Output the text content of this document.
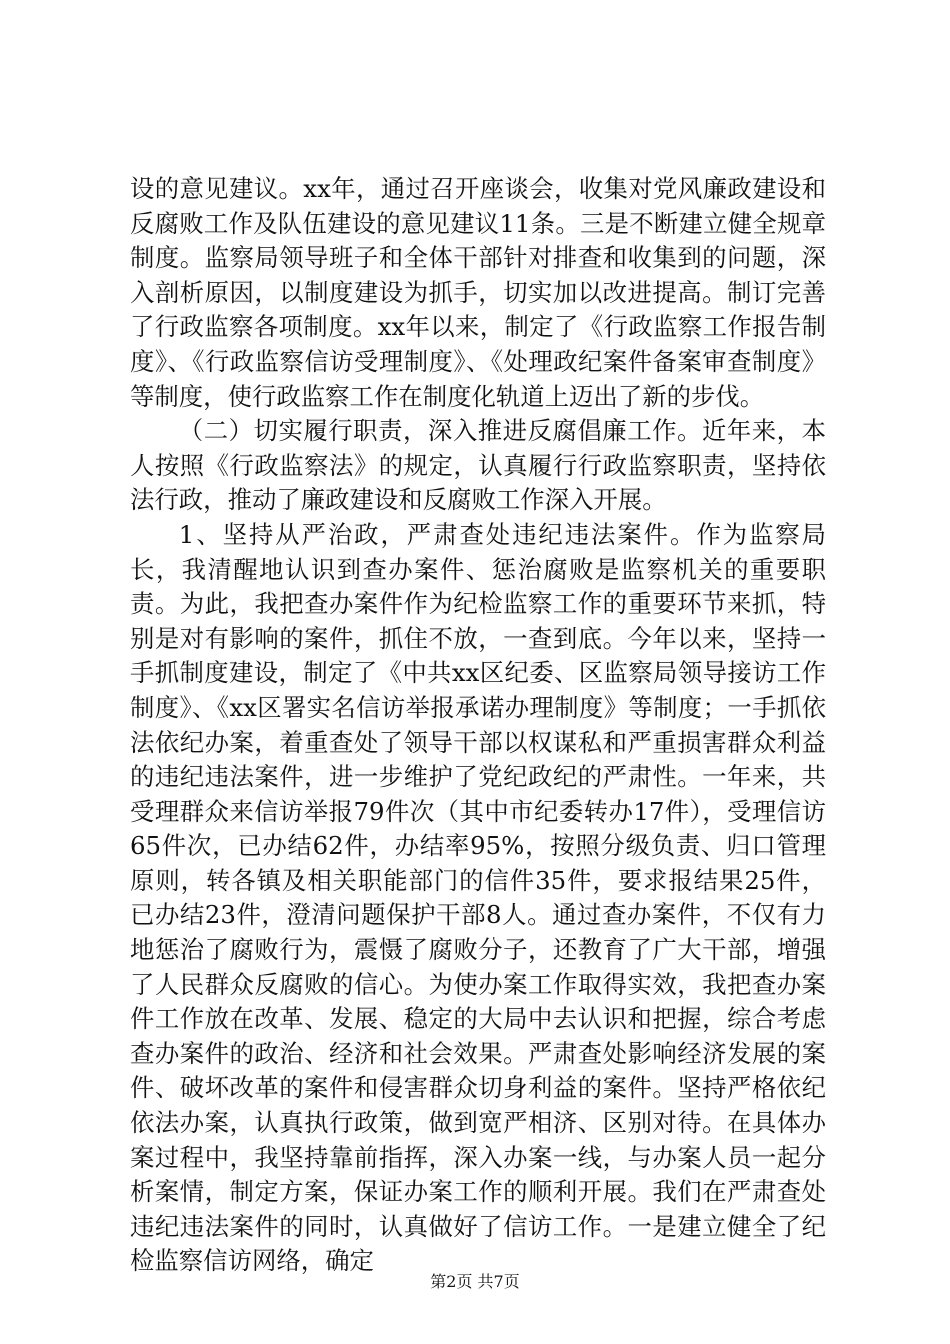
设的意见建议。xx年，通过召开座谈会，收集对党风廉政建设和反腐败工作及队伍建设的意见建议11条。三是不断建立健全规章制度。监察局领导班子和全体干部针对排查和收集到的问题，深入剖析原因，以制度建设为抓手，切实加以改进提高。制订完善了行政监察各项制度。xx年以来，制定了《行政监察工作报告制度》、《行政监察信访受理制度》、《处理政纪案件备案审查制度》等制度，使行政监察工作在制度化轨道上迈出了新的步伐。

（二）切实履行职责，深入推进反腐倡廉工作。近年来，本人按照《行政监察法》的规定，认真履行行政监察职责，坚持依法行政，推动了廉政建设和反腐败工作深入开展。

1、坚持从严治政，严肃查处违纪违法案件。作为监察局长，我清醒地认识到查办案件、惩治腐败是监察机关的重要职责。为此，我把查办案件作为纪检监察工作的重要环节来抓，特别是对有影响的案件，抓住不放，一查到底。今年以来，坚持一手抓制度建设，制定了《中共xx区纪委、区监察局领导接访工作制度》、《xx区署实名信访举报承诺办理制度》等制度；一手抓依法依纪办案，着重查处了领导干部以权谋私和严重损害群众利益的违纪违法案件，进一步维护了党纪政纪的严肃性。一年来，共受理群众来信访举报79件次（其中市纪委转办17件），受理信访65件次，已办结62件，办结率95%，按照分级负责、归口管理原则，转各镇及相关职能部门的信件35件，要求报结果25件，已办结23件，澄清问题保护干部8人。通过查办案件，不仅有力地惩治了腐败行为，震慑了腐败分子，还教育了广大干部，增强了人民群众反腐败的信心。为使办案工作取得实效，我把查办案件工作放在改革、发展、稳定的大局中去认识和把握，综合考虑查办案件的政治、经济和社会效果。严肃查处影响经济发展的案件、破坏改革的案件和侵害群众切身利益的案件。坚持严格依纪依法办案，认真执行政策，做到宽严相济、区别对待。在具体办案过程中，我坚持靠前指挥，深入办案一线，与办案人员一起分析案情，制定方案，保证办案工作的顺利开展。我们在严肃查处违纪违法案件的同时，认真做好了信访工作。一是建立健全了纪检监察信访网络，确定

第2页 共7页
